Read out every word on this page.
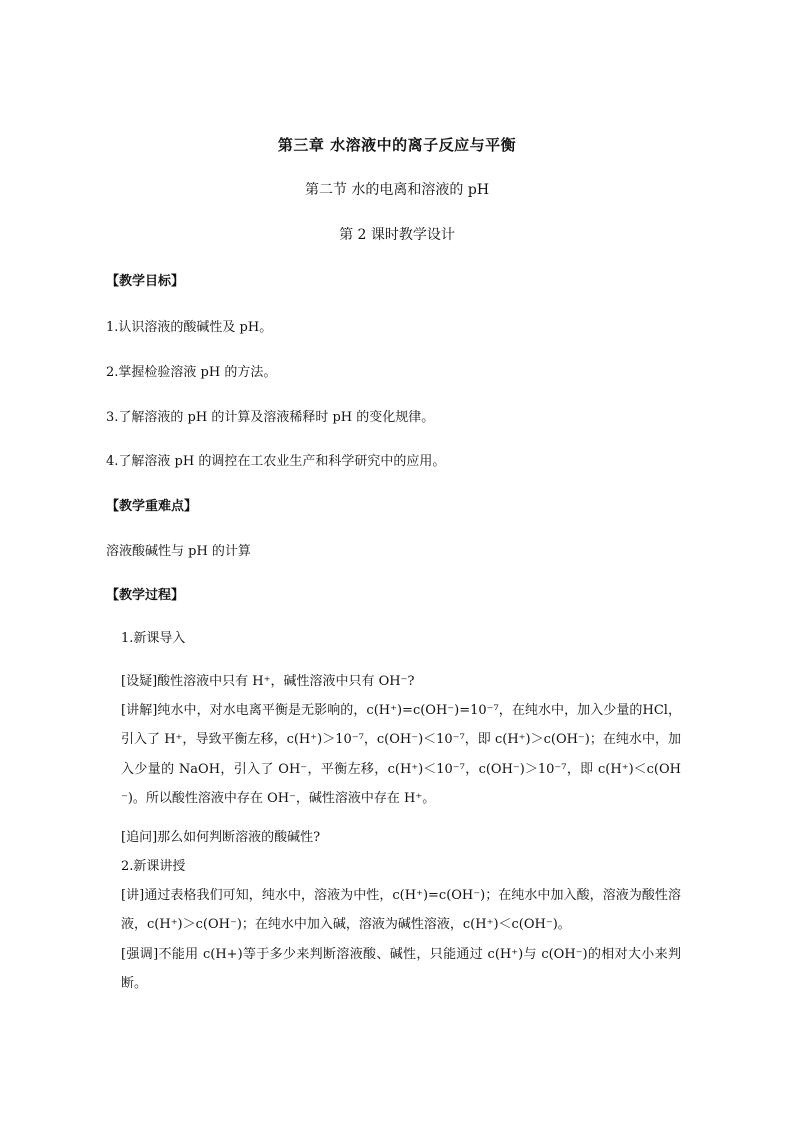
第三章 水溶液中的离子反应与平衡
第二节 水的电离和溶液的 pH
第 2 课时教学设计
【教学目标】
1.认识溶液的酸碱性及 pH。
2.掌握检验溶液 pH 的方法。
3.了解溶液的 pH 的计算及溶液稀释时 pH 的变化规律。
4.了解溶液 pH 的调控在工农业生产和科学研究中的应用。
【教学重难点】
溶液酸碱性与 pH 的计算
【教学过程】
1.新课导入
[设疑]酸性溶液中只有 H⁺，碱性溶液中只有 OH⁻?
[讲解]纯水中，对水电离平衡是无影响的，c(H⁺)=c(OH⁻)=10⁻⁷，在纯水中，加入少量的HCl，引入了 H⁺，导致平衡左移，c(H⁺)＞10⁻⁷，c(OH⁻)＜10⁻⁷，即 c(H⁺)＞c(OH⁻)；在纯水中，加入少量的 NaOH，引入了 OH⁻，平衡左移，c(H⁺)＜10⁻⁷，c(OH⁻)＞10⁻⁷，即 c(H⁺)＜c(OH⁻)。所以酸性溶液中存在 OH⁻，碱性溶液中存在 H⁺。
[追问]那么如何判断溶液的酸碱性?
2.新课讲授
[讲]通过表格我们可知，纯水中，溶液为中性，c(H⁺)=c(OH⁻)；在纯水中加入酸，溶液为酸性溶液，c(H⁺)＞c(OH⁻)；在纯水中加入碱，溶液为碱性溶液，c(H⁺)＜c(OH⁻)。
[强调]不能用 c(H+)等于多少来判断溶液酸、碱性，只能通过 c(H⁺)与 c(OH⁻)的相对大小来判断。
